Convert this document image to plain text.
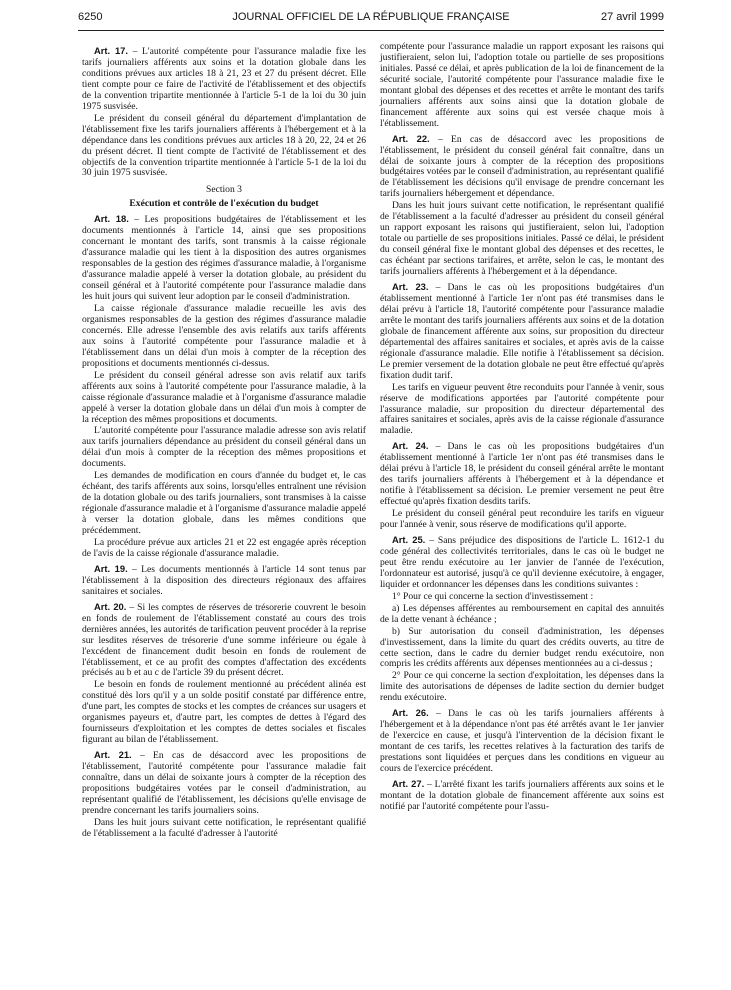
6250	JOURNAL OFFICIEL DE LA RÉPUBLIQUE FRANÇAISE	27 avril 1999

Art. 17. – L'autorité compétente pour l'assurance maladie fixe les tarifs journaliers afférents aux soins et la dotation globale dans les conditions prévues aux articles 18 à 21, 23 et 27 du présent décret. Elle tient compte pour ce faire de l'activité de l'établissement et des objectifs de la convention tripartite mentionnée à l'article 5-1 de la loi du 30 juin 1975 susvisée.

Le président du conseil général du département d'implantation de l'établissement fixe les tarifs journaliers afférents à l'hébergement et à la dépendance dans les conditions prévues aux articles 18 à 20, 22, 24 et 26 du présent décret. Il tient compte de l'activité de l'établissement et des objectifs de la convention tripartite mentionnée à l'article 5-1 de la loi du 30 juin 1975 susvisée.

Section 3

Exécution et contrôle de l'exécution du budget

Art. 18. – Les propositions budgétaires de l'établissement et les documents mentionnés à l'article 14, ainsi que ses propositions concernant le montant des tarifs, sont transmis à la caisse régionale d'assurance maladie qui les tient à la disposition des autres organismes responsables de la gestion des régimes d'assurance maladie, à l'organisme d'assurance maladie appelé à verser la dotation globale, au président du conseil général et à l'autorité compétente pour l'assurance maladie dans les huit jours qui suivent leur adoption par le conseil d'administration.

La caisse régionale d'assurance maladie recueille les avis des organismes responsables de la gestion des régimes d'assurance maladie concernés. Elle adresse l'ensemble des avis relatifs aux tarifs afférents aux soins à l'autorité compétente pour l'assurance maladie et à l'établissement dans un délai d'un mois à compter de la réception des propositions et documents mentionnés ci-dessus.

Le président du conseil général adresse son avis relatif aux tarifs afférents aux soins à l'autorité compétente pour l'assurance maladie, à la caisse régionale d'assurance maladie et à l'organisme d'assurance maladie appelé à verser la dotation globale dans un délai d'un mois à compter de la réception des mêmes propositions et documents.

L'autorité compétente pour l'assurance maladie adresse son avis relatif aux tarifs journaliers dépendance au président du conseil général dans un délai d'un mois à compter de la réception des mêmes propositions et documents.

Les demandes de modification en cours d'année du budget et, le cas échéant, des tarifs afférents aux soins, lorsqu'elles entraînent une révision de la dotation globale ou des tarifs journaliers, sont transmises à la caisse régionale d'assurance maladie et à l'organisme d'assurance maladie appelé à verser la dotation globale, dans les mêmes conditions que précédemment.

La procédure prévue aux articles 21 et 22 est engagée après réception de l'avis de la caisse régionale d'assurance maladie.

Art. 19. – Les documents mentionnés à l'article 14 sont tenus par l'établissement à la disposition des directeurs régionaux des affaires sanitaires et sociales.

Art. 20. – Si les comptes de réserves de trésorerie couvrent le besoin en fonds de roulement de l'établissement constaté au cours des trois dernières années, les autorités de tarification peuvent procéder à la reprise sur lesdites réserves de trésorerie d'une somme inférieure ou égale à l'excédent de financement dudit besoin en fonds de roulement de l'établissement, et ce au profit des comptes d'affectation des excédents précisés au b et au c de l'article 39 du présent décret.

Le besoin en fonds de roulement mentionné au précédent alinéa est constitué dès lors qu'il y a un solde positif constaté par différence entre, d'une part, les comptes de stocks et les comptes de créances sur usagers et organismes payeurs et, d'autre part, les comptes de dettes à l'égard des fournisseurs d'exploitation et les comptes de dettes sociales et fiscales figurant au bilan de l'établissement.

Art. 21. – En cas de désaccord avec les propositions de l'établissement, l'autorité compétente pour l'assurance maladie fait connaître, dans un délai de soixante jours à compter de la réception des propositions budgétaires votées par le conseil d'administration, au représentant qualifié de l'établissement, les décisions qu'elle envisage de prendre concernant les tarifs journaliers soins.

Dans les huit jours suivant cette notification, le représentant qualifié de l'établissement a la faculté d'adresser à l'autorité

compétente pour l'assurance maladie un rapport exposant les raisons qui justifieraient, selon lui, l'adoption totale ou partielle de ses propositions initiales. Passé ce délai, et après publication de la loi de financement de la sécurité sociale, l'autorité compétente pour l'assurance maladie fixe le montant global des dépenses et des recettes et arrête le montant des tarifs journaliers afférents aux soins ainsi que la dotation globale de financement afférente aux soins qui est versée chaque mois à l'établissement.

Art. 22. – En cas de désaccord avec les propositions de l'établissement, le président du conseil général fait connaître, dans un délai de soixante jours à compter de la réception des propositions budgétaires votées par le conseil d'administration, au représentant qualifié de l'établissement les décisions qu'il envisage de prendre concernant les tarifs journaliers hébergement et dépendance.

Dans les huit jours suivant cette notification, le représentant qualifié de l'établissement a la faculté d'adresser au président du conseil général un rapport exposant les raisons qui justifieraient, selon lui, l'adoption totale ou partielle de ses propositions initiales. Passé ce délai, le président du conseil général fixe le montant global des dépenses et des recettes, le cas échéant par sections tarifaires, et arrête, selon le cas, le montant des tarifs journaliers afférents à l'hébergement et à la dépendance.

Art. 23. – Dans le cas où les propositions budgétaires d'un établissement mentionné à l'article 1er n'ont pas été transmises dans le délai prévu à l'article 18, l'autorité compétente pour l'assurance maladie arrête le montant des tarifs journaliers afférents aux soins et de la dotation globale de financement afférente aux soins, sur proposition du directeur départemental des affaires sanitaires et sociales, et après avis de la caisse régionale d'assurance maladie. Elle notifie à l'établissement sa décision. Le premier versement de la dotation globale ne peut être effectué qu'après fixation dudit tarif.

Les tarifs en vigueur peuvent être reconduits pour l'année à venir, sous réserve de modifications apportées par l'autorité compétente pour l'assurance maladie, sur proposition du directeur départemental des affaires sanitaires et sociales, après avis de la caisse régionale d'assurance maladie.

Art. 24. – Dans le cas où les propositions budgétaires d'un établissement mentionné à l'article 1er n'ont pas été transmises dans le délai prévu à l'article 18, le président du conseil général arrête le montant des tarifs journaliers afférents à l'hébergement et à la dépendance et notifie à l'établissement sa décision. Le premier versement ne peut être effectué qu'après fixation desdits tarifs.

Le président du conseil général peut reconduire les tarifs en vigueur pour l'année à venir, sous réserve de modifications qu'il apporte.

Art. 25. – Sans préjudice des dispositions de l'article L. 1612-1 du code général des collectivités territoriales, dans le cas où le budget ne peut être rendu exécutoire au 1er janvier de l'année de l'exécution, l'ordonnateur est autorisé, jusqu'à ce qu'il devienne exécutoire, à engager, liquider et ordonnancer les dépenses dans les conditions suivantes :

1° Pour ce qui concerne la section d'investissement :

a) Les dépenses afférentes au remboursement en capital des annuités de la dette venant à échéance ;

b) Sur autorisation du conseil d'administration, les dépenses d'investissement, dans la limite du quart des crédits ouverts, au titre de cette section, dans le cadre du dernier budget rendu exécutoire, non compris les crédits afférents aux dépenses mentionnées au a ci-dessus ;

2° Pour ce qui concerne la section d'exploitation, les dépenses dans la limite des autorisations de dépenses de ladite section du dernier budget rendu exécutoire.

Art. 26. – Dans le cas où les tarifs journaliers afférents à l'hébergement et à la dépendance n'ont pas été arrêtés avant le 1er janvier de l'exercice en cause, et jusqu'à l'intervention de la décision fixant le montant de ces tarifs, les recettes relatives à la facturation des tarifs de prestations sont liquidées et perçues dans les conditions en vigueur au cours de l'exercice précédent.

Art. 27. – L'arrêté fixant les tarifs journaliers afférents aux soins et le montant de la dotation globale de financement afférente aux soins est notifié par l'autorité compétente pour l'assu-
